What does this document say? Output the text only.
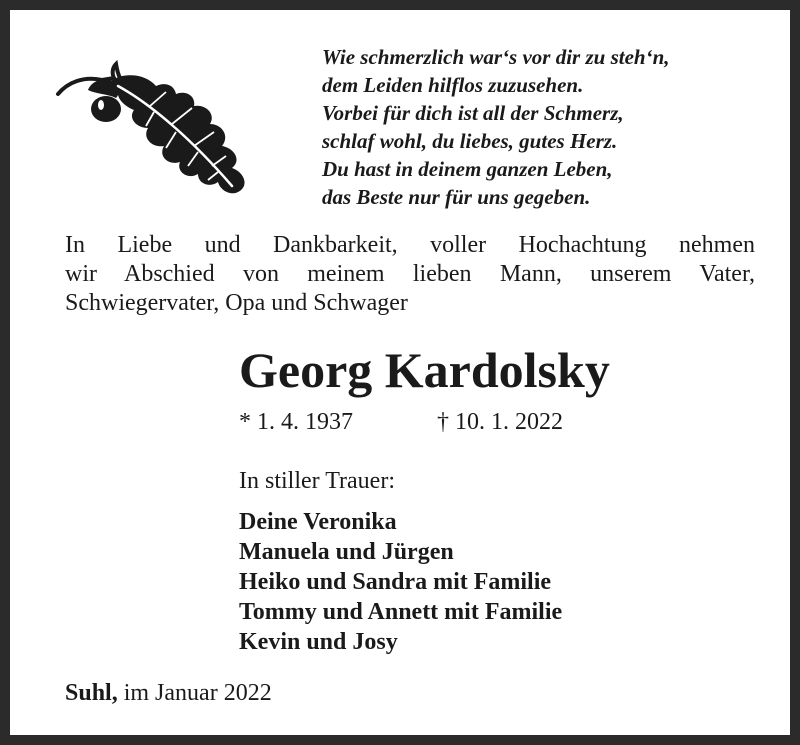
Wie schmerzlich war‘s vor dir zu steh‘n,
dem Leiden hilflos zuzusehen.
Vorbei für dich ist all der Schmerz,
schlaf wohl, du liebes, gutes Herz.
Du hast in deinem ganzen Leben,
das Beste nur für uns gegeben.
In Liebe und Dankbarkeit, voller Hochachtung nehmen
wir Abschied von meinem lieben Mann, unserem Vater,
Schwiegervater, Opa und Schwager
Georg Kardolsky
* 1. 4. 1937	† 10. 1. 2022
In stiller Trauer:
Deine Veronika
Manuela und Jürgen
Heiko und Sandra mit Familie
Tommy und Annett mit Familie
Kevin und Josy
Suhl, im Januar 2022
